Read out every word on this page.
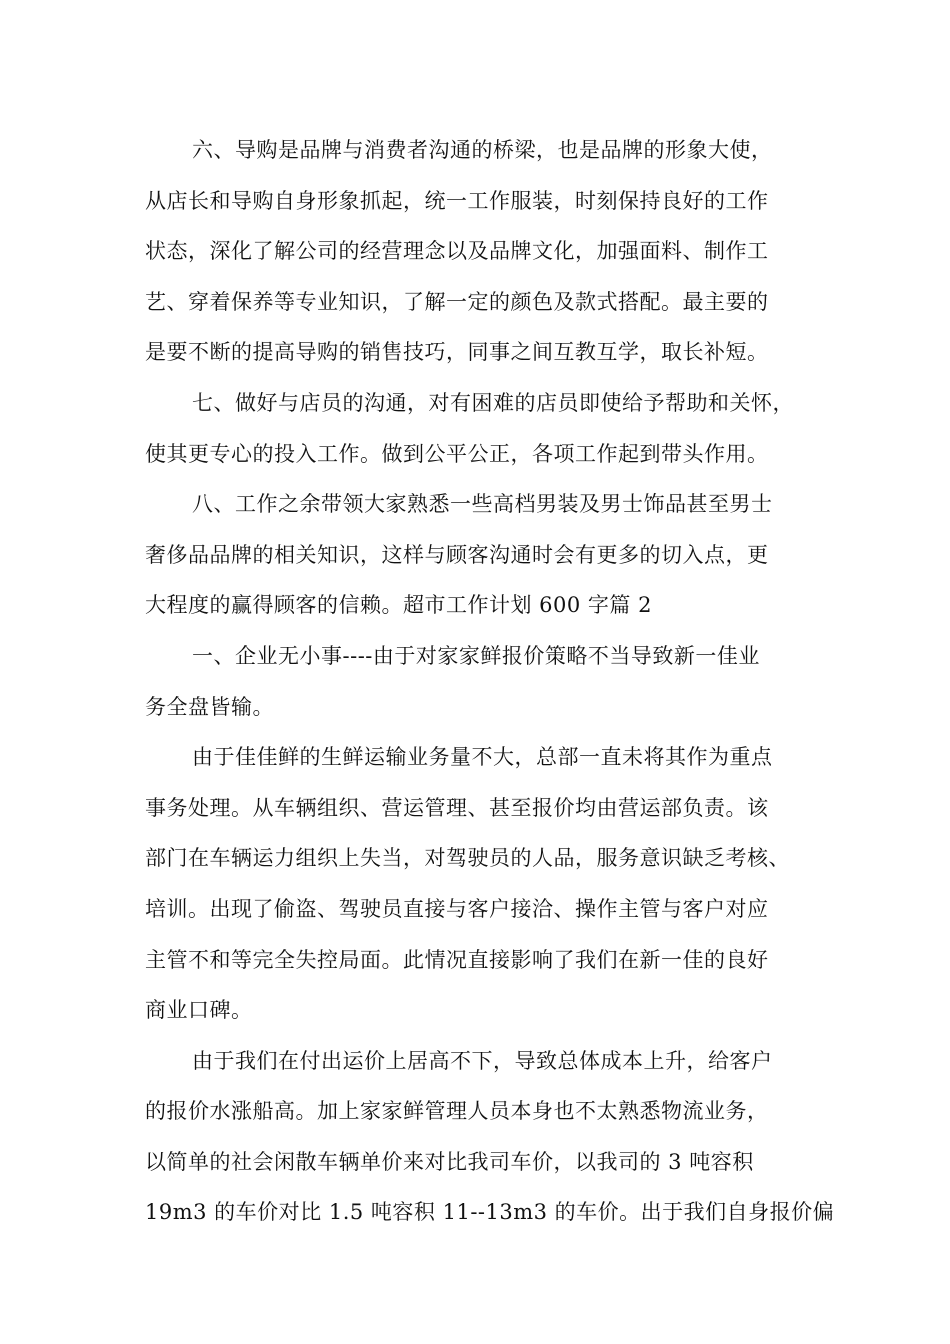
六、导购是品牌与消费者沟通的桥梁，也是品牌的形象大使，
从店长和导购自身形象抓起，统一工作服装，时刻保持良好的工作
状态，深化了解公司的经营理念以及品牌文化，加强面料、制作工
艺、穿着保养等专业知识，了解一定的颜色及款式搭配。最主要的
是要不断的提高导购的销售技巧，同事之间互教互学，取长补短。
七、做好与店员的沟通，对有困难的店员即使给予帮助和关怀，
使其更专心的投入工作。做到公平公正，各项工作起到带头作用。
八、工作之余带领大家熟悉一些高档男装及男士饰品甚至男士
奢侈品品牌的相关知识，这样与顾客沟通时会有更多的切入点，更
大程度的赢得顾客的信赖。超市工作计划 600 字篇 2
一、企业无小事----由于对家家鲜报价策略不当导致新一佳业
务全盘皆输。
由于佳佳鲜的生鲜运输业务量不大，总部一直未将其作为重点
事务处理。从车辆组织、营运管理、甚至报价均由营运部负责。该
部门在车辆运力组织上失当，对驾驶员的人品，服务意识缺乏考核、
培训。出现了偷盗、驾驶员直接与客户接洽、操作主管与客户对应
主管不和等完全失控局面。此情况直接影响了我们在新一佳的良好
商业口碑。
由于我们在付出运价上居高不下，导致总体成本上升，给客户
的报价水涨船高。加上家家鲜管理人员本身也不太熟悉物流业务，
以简单的社会闲散车辆单价来对比我司车价，以我司的 3 吨容积
19m3 的车价对比 1.5 吨容积 11--13m3 的车价。出于我们自身报价偏
